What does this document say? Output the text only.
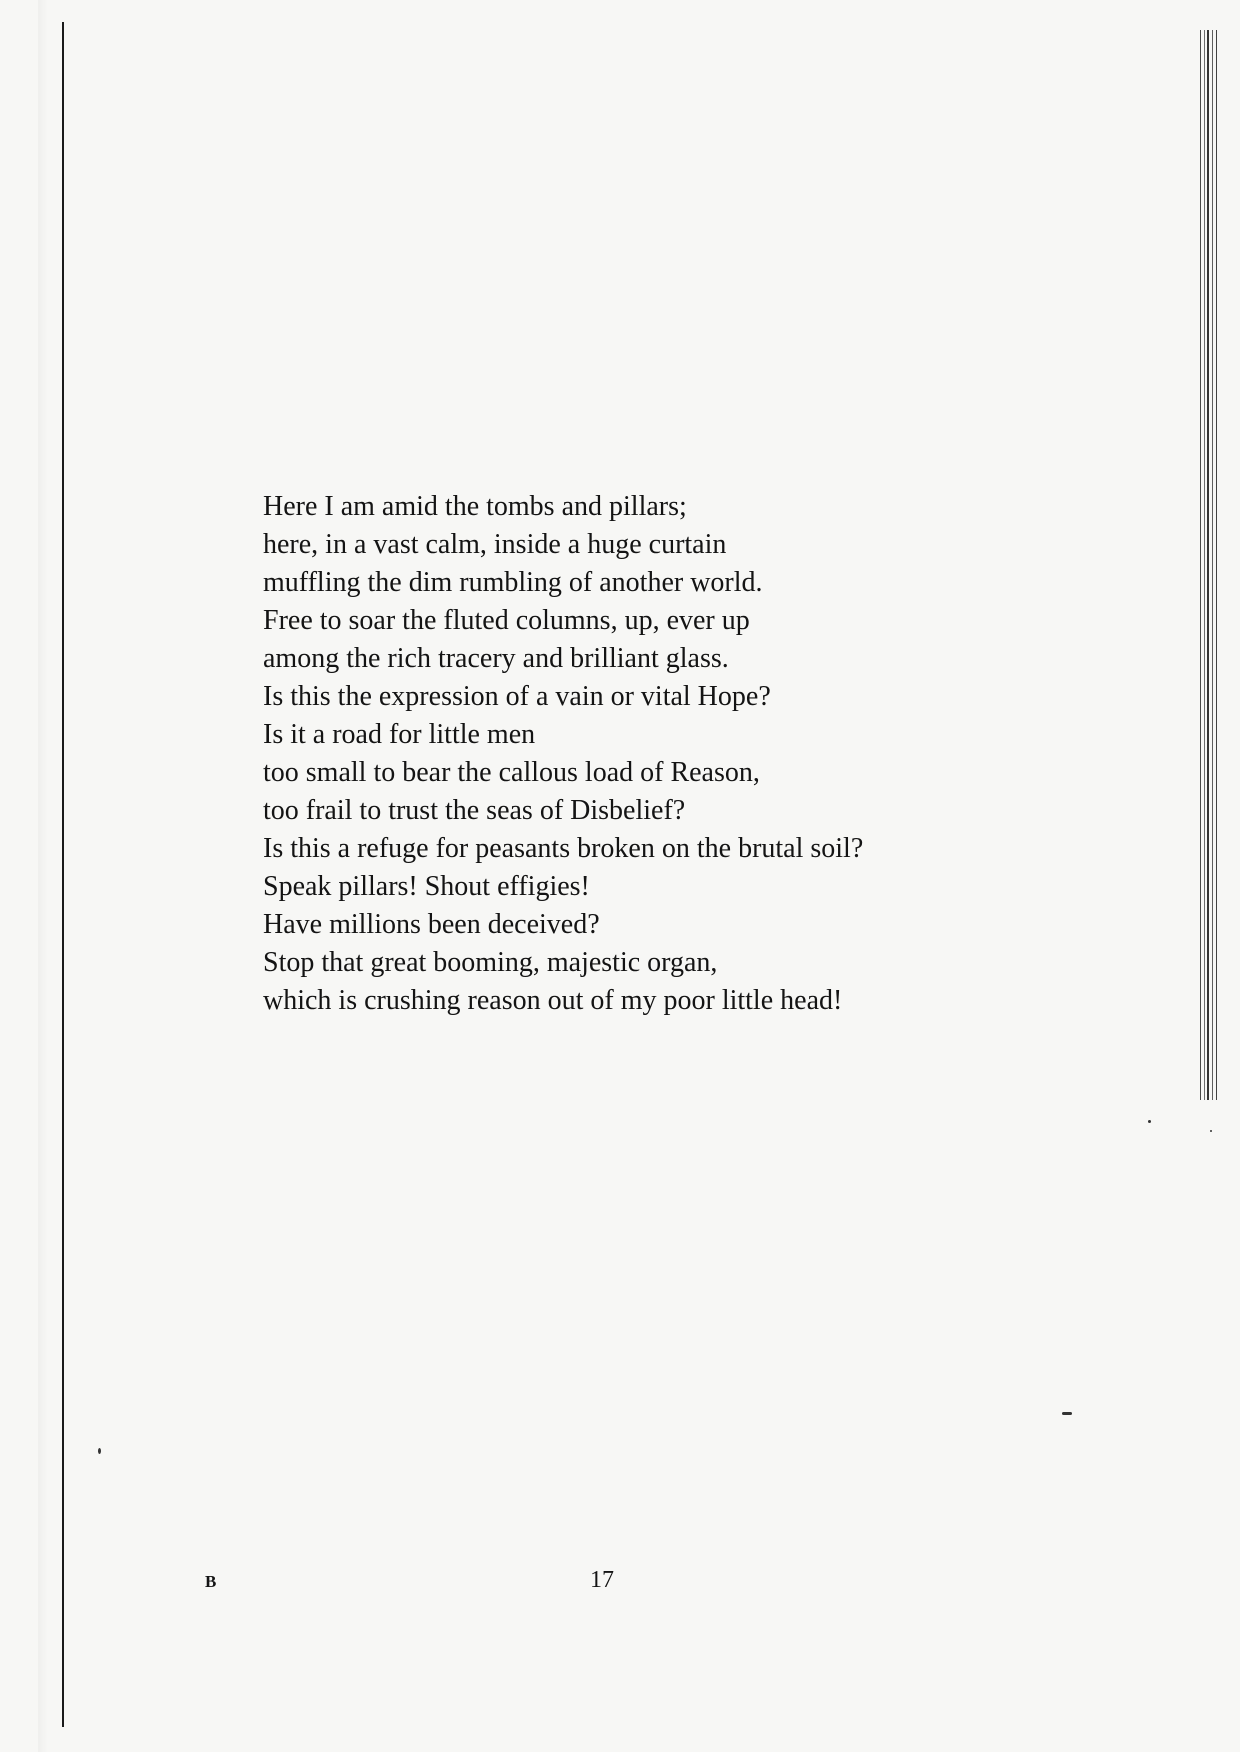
Here I am amid the tombs and pillars;
here, in a vast calm, inside a huge curtain
muffling the dim rumbling of another world.
Free to soar the fluted columns, up, ever up
among the rich tracery and brilliant glass.
Is this the expression of a vain or vital Hope?
Is it a road for little men
too small to bear the callous load of Reason,
too frail to trust the seas of Disbelief?
Is this a refuge for peasants broken on the brutal soil?
Speak pillars! Shout effigies!
Have millions been deceived?
Stop that great booming, majestic organ,
which is crushing reason out of my poor little head!
B	17
